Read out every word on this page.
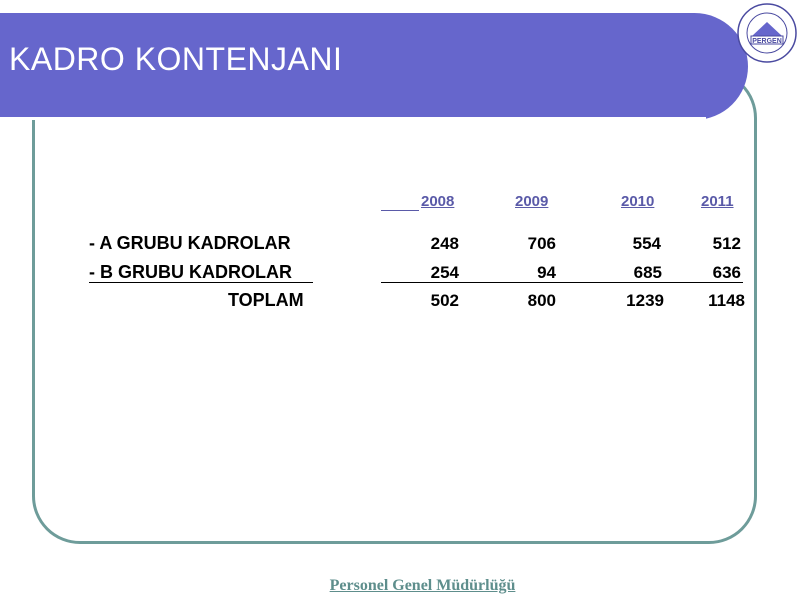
KADRO KONTENJANI	PERGEN
2008	2009	2010	2011
- A GRUBU KADROLAR	248	706	554	512
- B GRUBU KADROLAR	254	94	685	636
TOPLAM	502	800	1239	1148
Personel Genel Müdürlüğü
